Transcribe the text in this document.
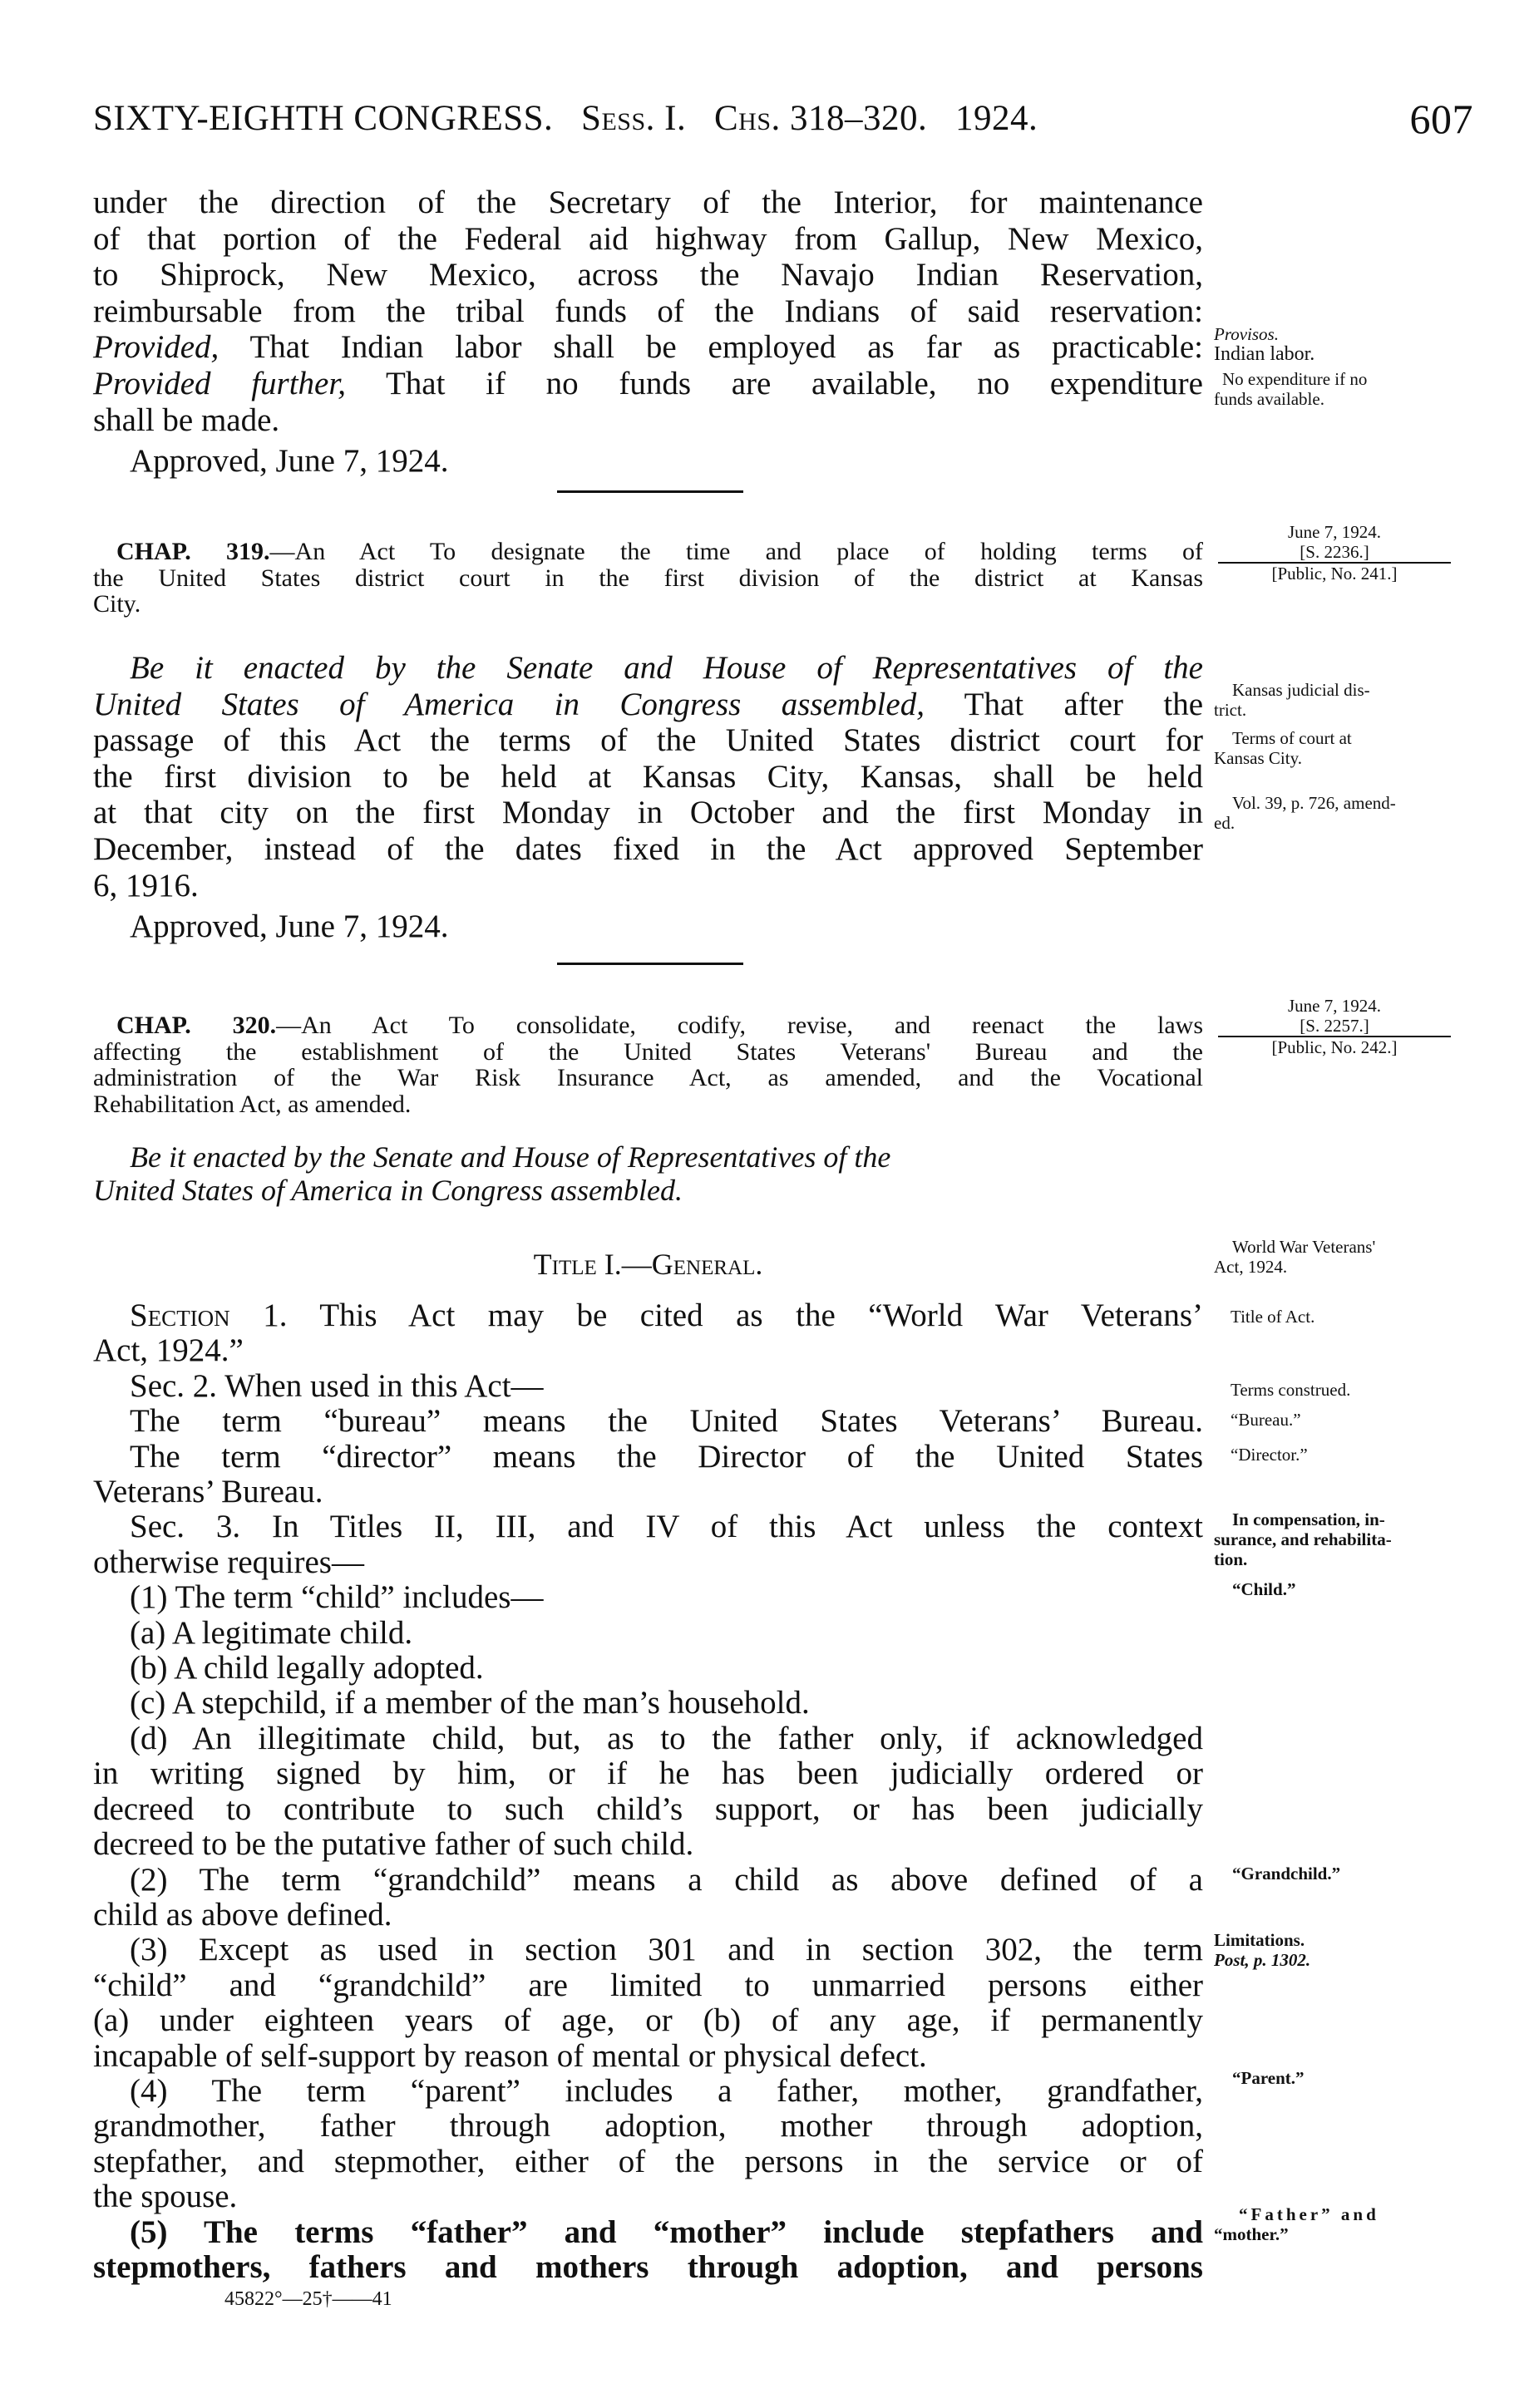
SIXTY-EIGHTH CONGRESS. Sess. I. Chs. 318–320. 1924.	607
under the direction of the Secretary of the Interior, for maintenance
of that portion of the Federal aid highway from Gallup, New Mexico,
to Shiprock, New Mexico, across the Navajo Indian Reservation,
reimbursable from the tribal funds of the Indians of said reservation:
Provided, That Indian labor shall be employed as far as practicable:
Provided further, That if no funds are available, no expenditure
shall be made.
Approved, June 7, 1924.
Provisos.
Indian labor.
No expenditure if no
funds available.
June 7, 1924.
[S. 2236.]
[Public, No. 241.]
CHAP. 319.—An Act To designate the time and place of holding terms of
the United States district court in the first division of the district at Kansas
City.
Be it enacted by the Senate and House of Representatives of the
United States of America in Congress assembled, That after the
passage of this Act the terms of the United States district court for
the first division to be held at Kansas City, Kansas, shall be held
at that city on the first Monday in October and the first Monday in
December, instead of the dates fixed in the Act approved September
6, 1916.
Approved, June 7, 1924.
Kansas judicial dis-
trict.
Terms of court at
Kansas City.
Vol. 39, p. 726, amend-
ed.
June 7, 1924.
[S. 2257.]
[Public, No. 242.]
CHAP. 320.—An Act To consolidate, codify, revise, and reenact the laws
affecting the establishment of the United States Veterans' Bureau and the
administration of the War Risk Insurance Act, as amended, and the Vocational
Rehabilitation Act, as amended.
Be it enacted by the Senate and House of Representatives of the
United States of America in Congress assembled.
Title I.—General.
World War Veterans'
Act, 1924.
Section 1. This Act may be cited as the “World War Veterans’
Act, 1924.”
Sec. 2. When used in this Act—
The term “bureau” means the United States Veterans’ Bureau.
The term “director” means the Director of the United States
Veterans’ Bureau.
Sec. 3. In Titles II, III, and IV of this Act unless the context
otherwise requires—
(1) The term “child” includes—
(a) A legitimate child.
(b) A child legally adopted.
(c) A stepchild, if a member of the man’s household.
(d) An illegitimate child, but, as to the father only, if acknowledged
in writing signed by him, or if he has been judicially ordered or
decreed to contribute to such child’s support, or has been judicially
decreed to be the putative father of such child.
(2) The term “grandchild” means a child as above defined of a
child as above defined.
(3) Except as used in section 301 and in section 302, the term
“child” and “grandchild” are limited to unmarried persons either
(a) under eighteen years of age, or (b) of any age, if permanently
incapable of self-support by reason of mental or physical defect.
(4) The term “parent” includes a father, mother, grandfather,
grandmother, father through adoption, mother through adoption,
stepfather, and stepmother, either of the persons in the service or of
the spouse.
(5) The terms “father” and “mother” include stepfathers and
stepmothers, fathers and mothers through adoption, and persons
Title of Act.
Terms construed.
“Bureau.”
“Director.”
In compensation, in-
surance, and rehabilita-
tion.
“Child.”
“Grandchild.”
Limitations.
Post, p. 1302.
“Parent.”
“Father” and
“mother.”
45822°—25†——41
